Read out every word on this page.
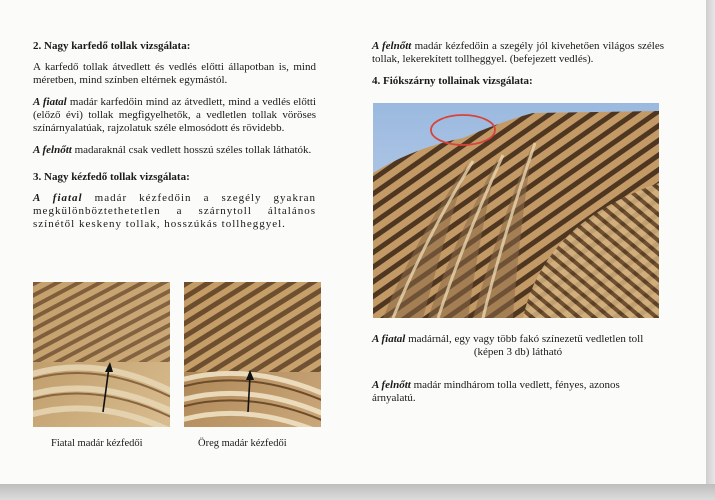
2. Nagy karfedő tollak vizsgálata:

A karfedő tollak átvedlett és vedlés előtti állapotban is, mind méretben, mind színben eltérnek egymástól.

A fiatal madár karfedőin mind az átvedlett, mind a vedlés előtti (előző évi) tollak megfigyelhetők, a vedletlen tollak vöröses színárnyalatúak, rajzolatuk széle elmosódott és rövidebb.

A felnőtt madaraknál csak vedlett hosszú széles tollak láthatók.

3. Nagy kézfedő tollak vizsgálata:

A fiatal madár kézfedőin a szegély gyakran megkülönböztethetetlen a szárnytoll általános színétől keskeny tollak, hosszúkás tollheggyel.

Fiatal madár kézfedői	Öreg madár kézfedői

A felnőtt madár kézfedőin a szegély jól kivehetően világos széles tollak, lekerekített tollheggyel. (befejezett vedlés).

4. Fiókszárny tollainak vizsgálata:
A fiatal madárnál, egy vagy több fakó színezetű vedletlen toll
(képen 3 db) látható
A felnőtt madár mindhárom tolla vedlett, fényes, azonos árnyalatú.
